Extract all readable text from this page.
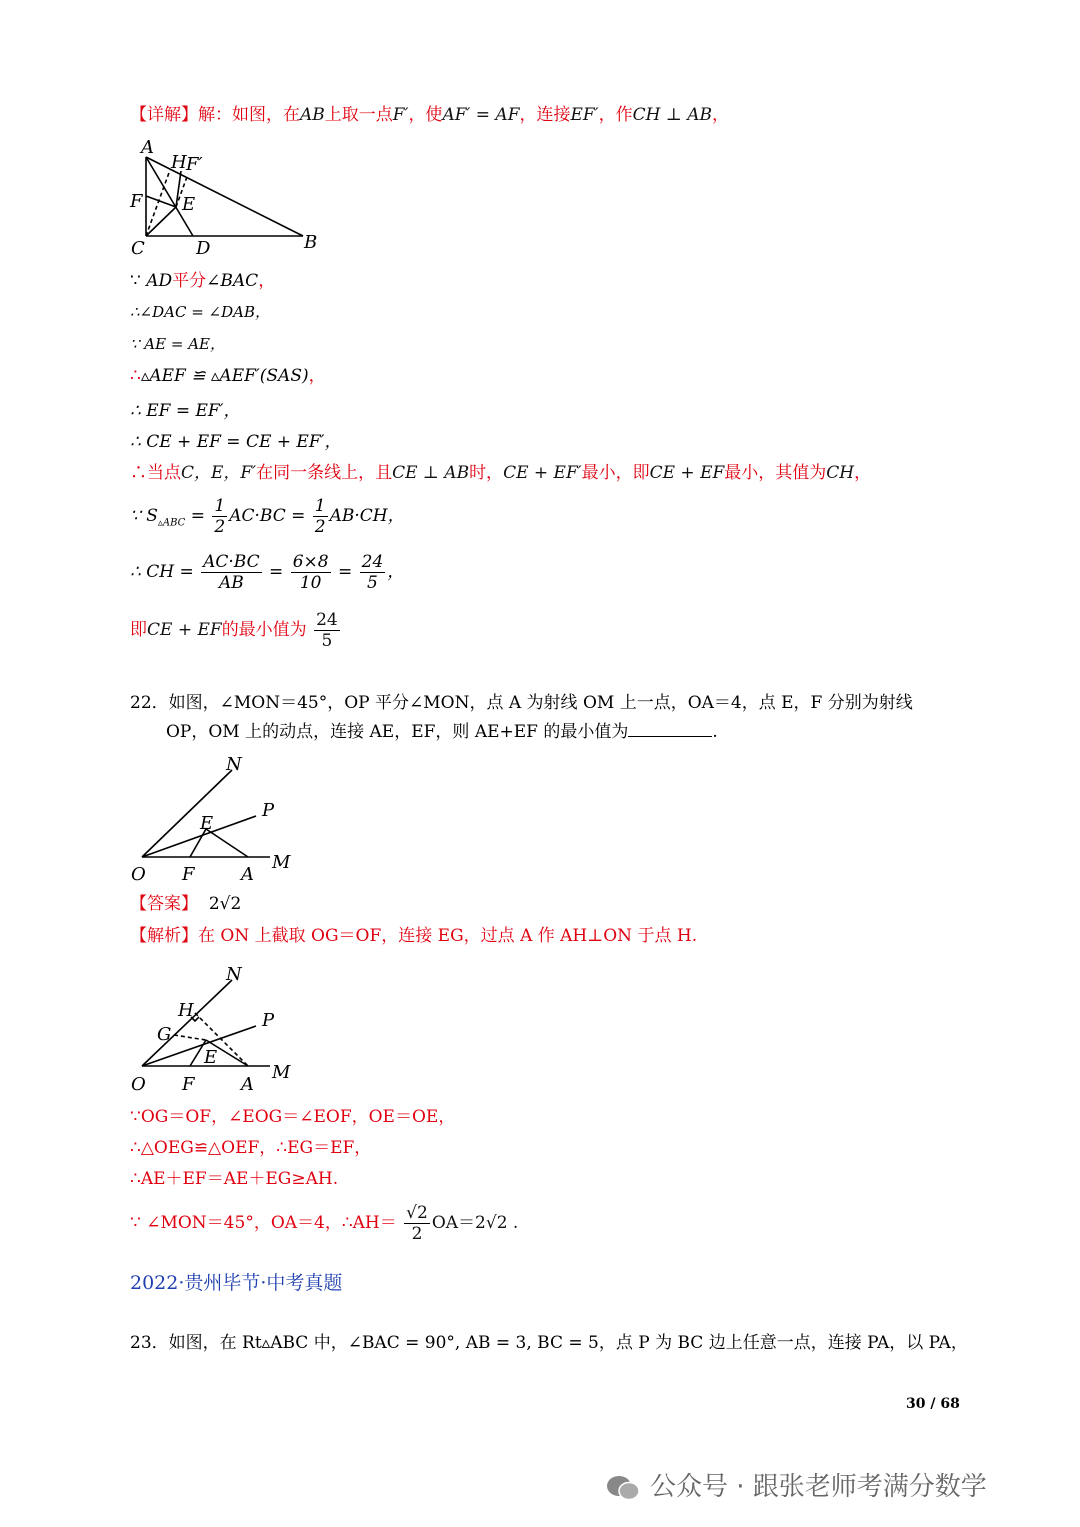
【详解】解：如图，在AB上取一点F′，使AF′ = AF，连接EF′，作CH ⊥ AB，
A
H F′
F E
C	D	B
∵ AD平分∠BAC，
∴∠DAC = ∠DAB，
∵ AE = AE，
∴▵AEF ≌ ▵AEF′(SAS)，
∴ EF = EF′，
∴ CE + EF = CE + EF′，
∴当点C，E，F′在同一条线上，且CE ⊥ AB时，CE + EF′最小，即CE + EF最小，其值为CH，
∵ $S_{▵ABC} = \frac{1}{2} AC\cdot BC = \frac{1}{2} AB\cdot CH$，
∴ CH = $\frac{AC\cdot BC}{AB} = \frac{6\times 8}{10} = \frac{24}{5}$ ，
即CE + EF的最小值为 $\frac{24}{5}$
22．如图，∠MON＝45°，OP 平分∠MON，点 A 为射线 OM 上一点，OA＝4，点 E，F 分别为射线
OP，OM 上的动点，连接 AE，EF，则 AE+EF 的最小值为	.
N
P
E
O F	A
M
【答案】 2√2
【解析】在 ON 上截取 OG＝OF，连接 EG，过点 A 作 AH⊥ON 于点 H.
N
H
G
P
E
O F	A
M
∵OG＝OF，∠EOG＝∠EOF，OE＝OE，
∴△OEG≌△OEF，∴EG＝EF，
∴AE＋EF＝AE＋EG≥AH.
∵ ∠MON＝45°，OA＝4，∴AH＝ $\frac{√2}{2} OA=2√2$ .
2022·贵州毕节·中考真题
23．如图，在 Rt▵ABC 中，∠BAC = 90°, AB = 3, BC = 5，点 P 为 BC 边上任意一点，连接 PA，以 PA，
30 / 68
公众号 · 跟张老师考满分数学
